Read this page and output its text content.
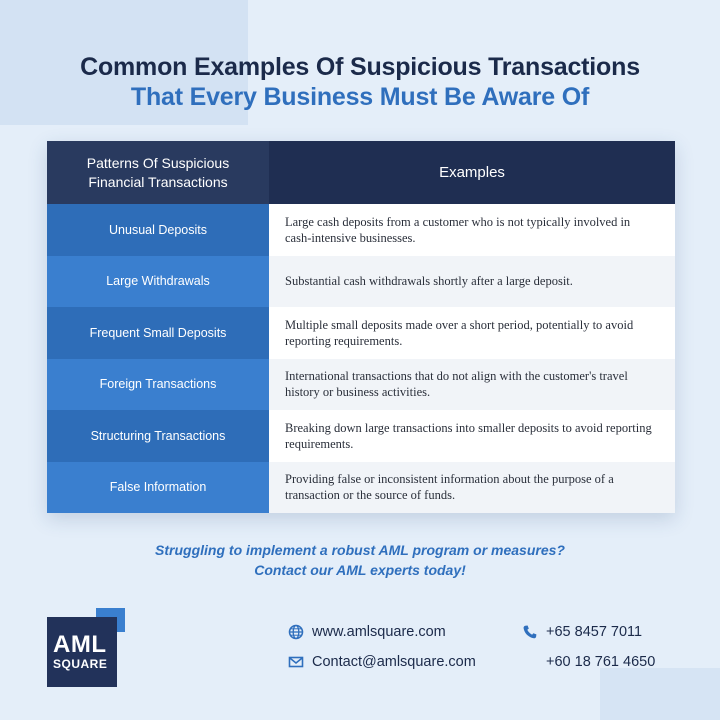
Common Examples Of Suspicious Transactions
That Every Business Must Be Aware Of
Patterns Of Suspicious Financial Transactions
Examples
Unusual Deposits
Large cash deposits from a customer who is not typically involved in cash-intensive businesses.
Large Withdrawals	Substantial cash withdrawals shortly after a large deposit.
Frequent Small Deposits
Multiple small deposits made over a short period, potentially to avoid reporting requirements.
Foreign Transactions
International transactions that do not align with the customer's travel history or business activities.
Structuring Transactions
Breaking down large transactions into smaller deposits to avoid reporting requirements.
False Information
Providing false or inconsistent information about the purpose of a transaction or the source of funds.
Struggling to implement a robust AML program or measures?
Contact our AML experts today!
AML
SQUARE
www.amlsquare.com
Contact@amlsquare.com
+65 8457 7011
+60 18 761 4650
